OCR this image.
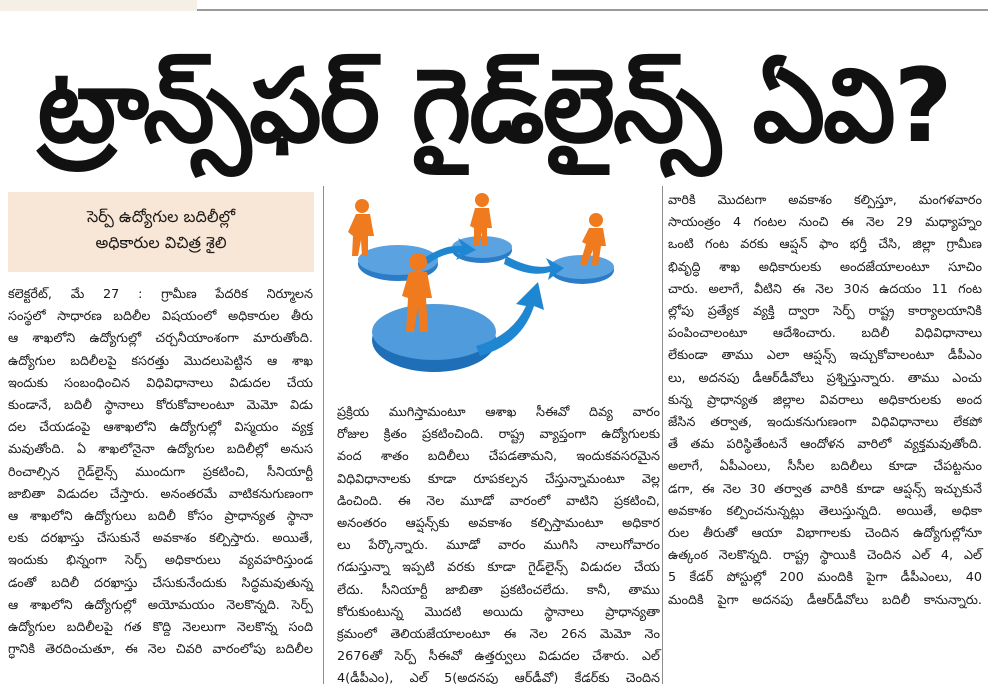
ట్రాన్స్‌ఫర్ గైడ్‌లైన్స్ ఏవి?
సెర్ప్ ఉద్యోగుల బదిలీల్లో
అధికారుల విచిత్ర శైలి
కలెక్టరేట్, మే 27 : గ్రామీణ పేదరిక నిర్మూలన
సంస్థలో సాధారణ బదిలీల విషయంలో అధికారుల తీరు
ఆ శాఖలోని ఉద్యోగుల్లో చర్చనీయాంశంగా మారుతోంది.
ఉద్యోగుల బదిలీలపై కసరత్తు మొదలుపెట్టిన ఆ శాఖ
ఇందుకు సంబంధించిన విధివిధానాలు విడుదల చేయ
కుండానే, బదిలీ స్థానాలు కోరుకోవాలంటూ మెమో విడు
దల చేయడంపై ఆశాఖలోని ఉద్యోగుల్లో విస్మయం వ్యక్త
మవుతోంది. ఏ శాఖలోనైనా ఉద్యోగుల బదిలీల్లో అనుస
రించాల్సిన గైడ్‌లైన్స్ ముందుగా ప్రకటించి, సీనియార్టీ
జాబితా విడుదల చేస్తారు. అనంతరమే వాటికనుగుణంగా
ఆ శాఖలోని ఉద్యోగులు బదిలీ కోసం ప్రాధాన్యత స్థానా
లకు దరఖాస్తు చేసుకునే అవకాశం కల్పిస్తారు. అయితే,
ఇందుకు భిన్నంగా సెర్ప్ అధికారులు వ్యవహరిస్తుండ
డంతో బదిలీ దరఖాస్తు చేసుకునేందుకు సిద్ధమవుతున్న
ఆ శాఖలోని ఉద్యోగుల్లో అయోమయం నెలకొన్నది. సెర్ప్
ఉద్యోగుల బదిలీలపై గత కొద్ది నెలలుగా నెలకొన్న సంది
గ్ధానికి తెరదించుతూ, ఈ నెల చివరి వారంలోపు బదిలీల
ప్రక్రియ ముగిస్తామంటూ ఆశాఖ సీఈవో దివ్య వారం
రోజుల క్రితం ప్రకటించింది. రాష్ట్ర వ్యాప్తంగా ఉద్యోగులకు
వంద శాతం బదిలీలు చేపడతామని, ఇందుకవసరమైన
విధివిధానాలకు కూడా రూపకల్పన చేస్తున్నామంటూ వెల్ల
డించింది. ఈ నెల మూడో వారంలో వాటిని ప్రకటించి,
అనంతరం ఆప్షన్స్‌కు అవకాశం కల్పిస్తామంటూ అధికార
లు పేర్కొన్నారు. మూడో వారం ముగిసి నాలుగోవారం
గడుస్తున్నా ఇప్పటి వరకు కూడా గైడ్‌లైన్స్ విడుదల చేయ
లేదు. సీనియార్టీ జాబితా ప్రకటించలేదు. కానీ, తాము
కోరుకుంటున్న మొదటి అయిదు స్థానాలు ప్రాధాన్యతా
క్రమంలో తెలియజేయాలంటూ ఈ నెల 26న మెమో నెం
2676తో సెర్ప్ సీఈవో ఉత్తర్వులు విడుదల చేశారు. ఎల్
4(డీపీఎం), ఎల్ 5(అదనపు ఆర్‌డీవో) కేడర్‌కు చెందిన
వారికి మొదటగా అవకాశం కల్పిస్తూ, మంగళవారం
సాయంత్రం 4 గంటల నుంచి ఈ నెల 29 మధ్యాహ్నం
ఒంటి గంట వరకు ఆప్షన్ ఫాం భర్తీ చేసి, జిల్లా గ్రామీణ
భివృద్ధి శాఖ అధికారులకు అందజేయాలంటూ సూచిం
చారు. అలాగే, వీటిని ఈ నెల 30న ఉదయం 11 గంట
ల్లోపు ప్రత్యేక వ్యక్తి ద్వారా సెర్ప్ రాష్ట్ర కార్యాలయానికి
పంపించాలంటూ ఆదేశించారు. బదిలీ విధివిధానాలు
లేకుండా తాము ఎలా ఆప్షన్స్ ఇచ్చుకోవాలంటూ డీపీఎం
లు, అదనపు డీఆర్‌డీవోలు ప్రశ్నిస్తున్నారు. తాము ఎంచు
కున్న ప్రాధాన్యత జిల్లాల వివరాలు అధికారులకు అంద
జేసిన తర్వాత, ఇందుకనుగుణంగా విధివిధానాలు లేకపో
తే తమ పరిస్థితేంటనే ఆందోళన వారిలో వ్యక్తమవుతోంది.
అలాగే, ఏపీఎంలు, సీసీల బదిలీలు కూడా చేపట్టనుం
డగా, ఈ నెల 30 తర్వాత వారికి కూడా ఆప్షన్స్ ఇచ్చుకునే
అవకాశం కల్పించనున్నట్లు తెలుస్తున్నది. అయితే, అధికా
రుల తీరుతో ఆయా విభాగాలకు చెందిన ఉద్యోగుల్లోనూ
ఉత్కంఠ నెలకొన్నది. రాష్ట్ర స్థాయికి చెందిన ఎల్ 4, ఎల్
5 కేడర్ పోస్టుల్లో 200 మందికి పైగా డీపీఎంలు, 40
మందికి పైగా అదనపు డీఆర్‌డీవోలు బదిలీ కానున్నారు.
